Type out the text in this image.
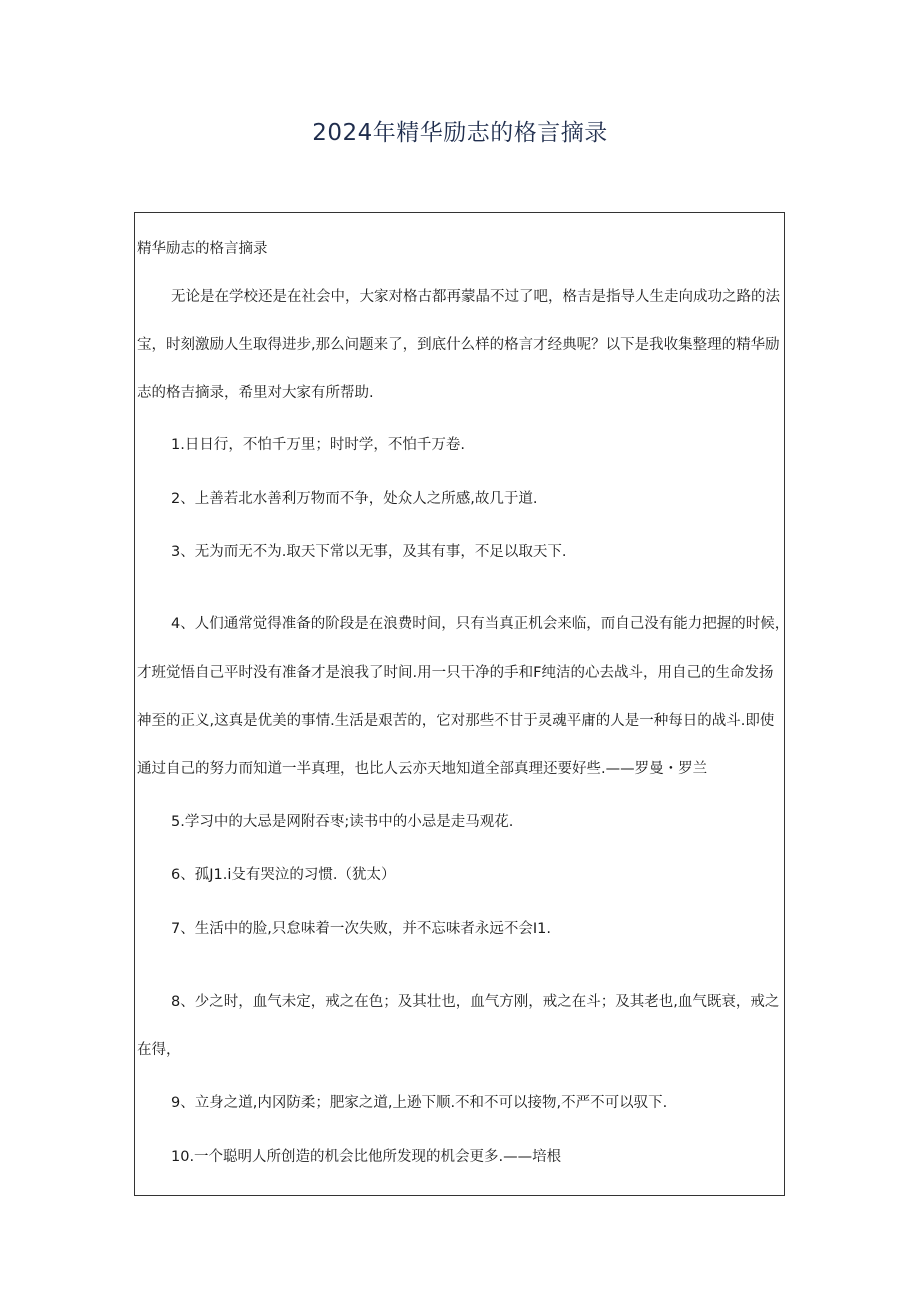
2024年精华励志的格言摘录
精华励志的格言摘录
无论是在学校还是在社会中，大家对格古都再蒙晶不过了吧，格吉是指导人生走向成功之路的法
宝，时刻激励人生取得进步,那么问题来了，到底什么样的格言才经典呢？以下是我收集整理的精华励
志的格吉摘录，希里对大家有所帮助.
1.日日行，不怕千万里；时时学，不怕千万卷.
2、上善若北水善利万物而不争，处众人之所感,故几于道.
3、无为而无不为.取天下常以无事，及其有事，不足以取天下.
4、人们通常觉得准备的阶段是在浪费时间，只有当真正机会来临，而自己没有能力把握的时候，
才班觉悟自己平时没有准备才是浪我了时间.用一只干净的手和F纯洁的心去战斗，用自己的生命发扬
神至的正义,这真是优美的事情.生活是艰苦的，它对那些不甘于灵魂平庸的人是一种每日的战斗.即使
通过自己的努力而知道一半真理，也比人云亦天地知道全部真理还要好些.——罗曼・罗兰
5.学习中的大忌是网附吞枣;读书中的小忌是走马观花.
6、孤J1.i殳有哭泣的习惯.（犹太）
7、生活中的脸,只怠味着一次失败，并不忘味者永远不会I1.
8、少之时，血气未定，戒之在色；及其壮也，血气方刚，戒之在斗；及其老也,血气既衰，戒之
在得，
9、立身之道,内冈防柔；肥家之道,上逊下顺.不和不可以接物,不严不可以驭下.
10.一个聪明人所创造的机会比他所发现的机会更多.——培根
